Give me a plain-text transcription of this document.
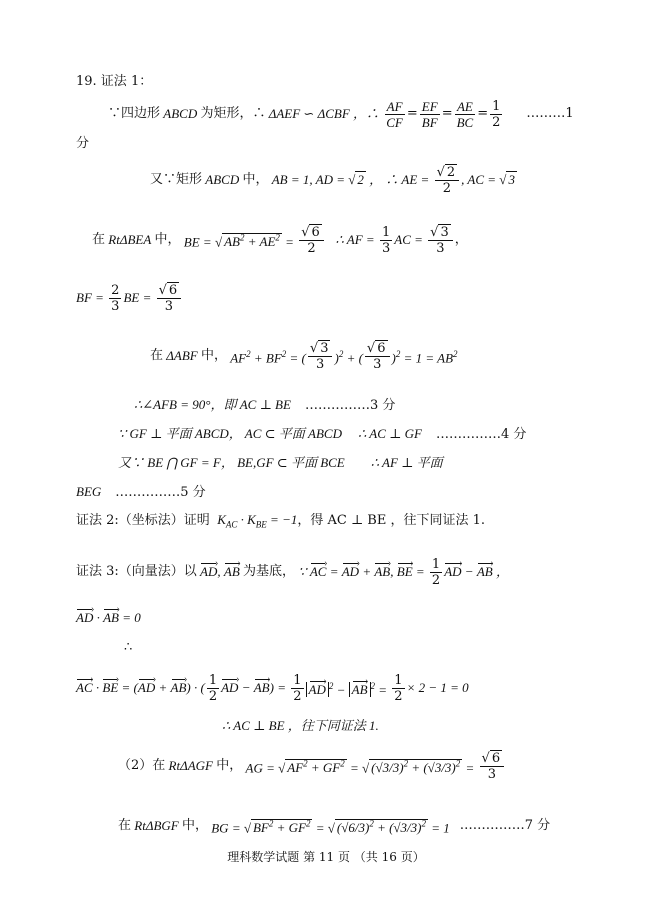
19. 证法 1：
∵四边形 ABCD 为矩形，∴ ΔAEF ∽ ΔCBF ，∴ AF
CF
= EF
BF
= AE
BC
= 1
2
………1
分
又∵矩形 ABCD 中， AB = 1, AD = √ 2 ， ∴ AE = $\frac{√ 2}{2}$ , AC = √ 3
在 RtΔBEA 中， BE = √ $AB^2 + AE^2 = \frac{√ 6}{2}$ ∴ AF = $\frac{1}{3}$ AC = $\frac{√ 3}{3}$ ，
BF = $\frac{2}{3}$ BE = $\frac{√ 6}{3}$
在 ΔABF 中， $AF^2 + BF^2$ = (
√ 3
3 )$^2$ + (
√ 6
3 )$^2 = 1 = AB^2$
∴∠AFB = 90°，即 AC ⊥ BE ……………3 分
∵ GF ⊥ 平面 ABCD， AC ⊂ 平面 ABCD ∴ AC ⊥ GF ……………4 分
又∵ BE ⋂ GF = F， BE,GF ⊂ 平面 BCE ∴ AF ⊥ 平面
BEG ……………5 分
证法 2:（坐标法）证明  $K_{AC} \cdot K_{BE} = -1$，得 AC ⊥ BE ，往下同证法 1.
证法 3:（向量法）以 AD ›, AB › 为基底， ∵ AC › = AD › + AB ›, BE › = $\frac{1}{2}$ AD › − AB › ，
AD › · AB › = 0
∴
AC › · BE › = (AD › + AB ›) · ( 1
2
AD › − AB ›) = $\frac{1}{2}$ AD › $^2$ − AB › $^2 = \frac{1}{2} \times 2 - 1 = 0$
∴ AC ⊥ BE ，往下同证法 1.
（2）在 RtΔAGF 中， AG = √ $AF^2 + GF^2$ = √ $(√3/3)^2 + (√3/3)^2 = \frac{√ 6}{3}$
在 RtΔBGF 中， BG = √ $BF^2 + GF^2$ = √ $(√6/3)^2 + (√3/3)^2 = 1$ ……………7 分
理科数学试题 第 11 页 （共 16 页）
